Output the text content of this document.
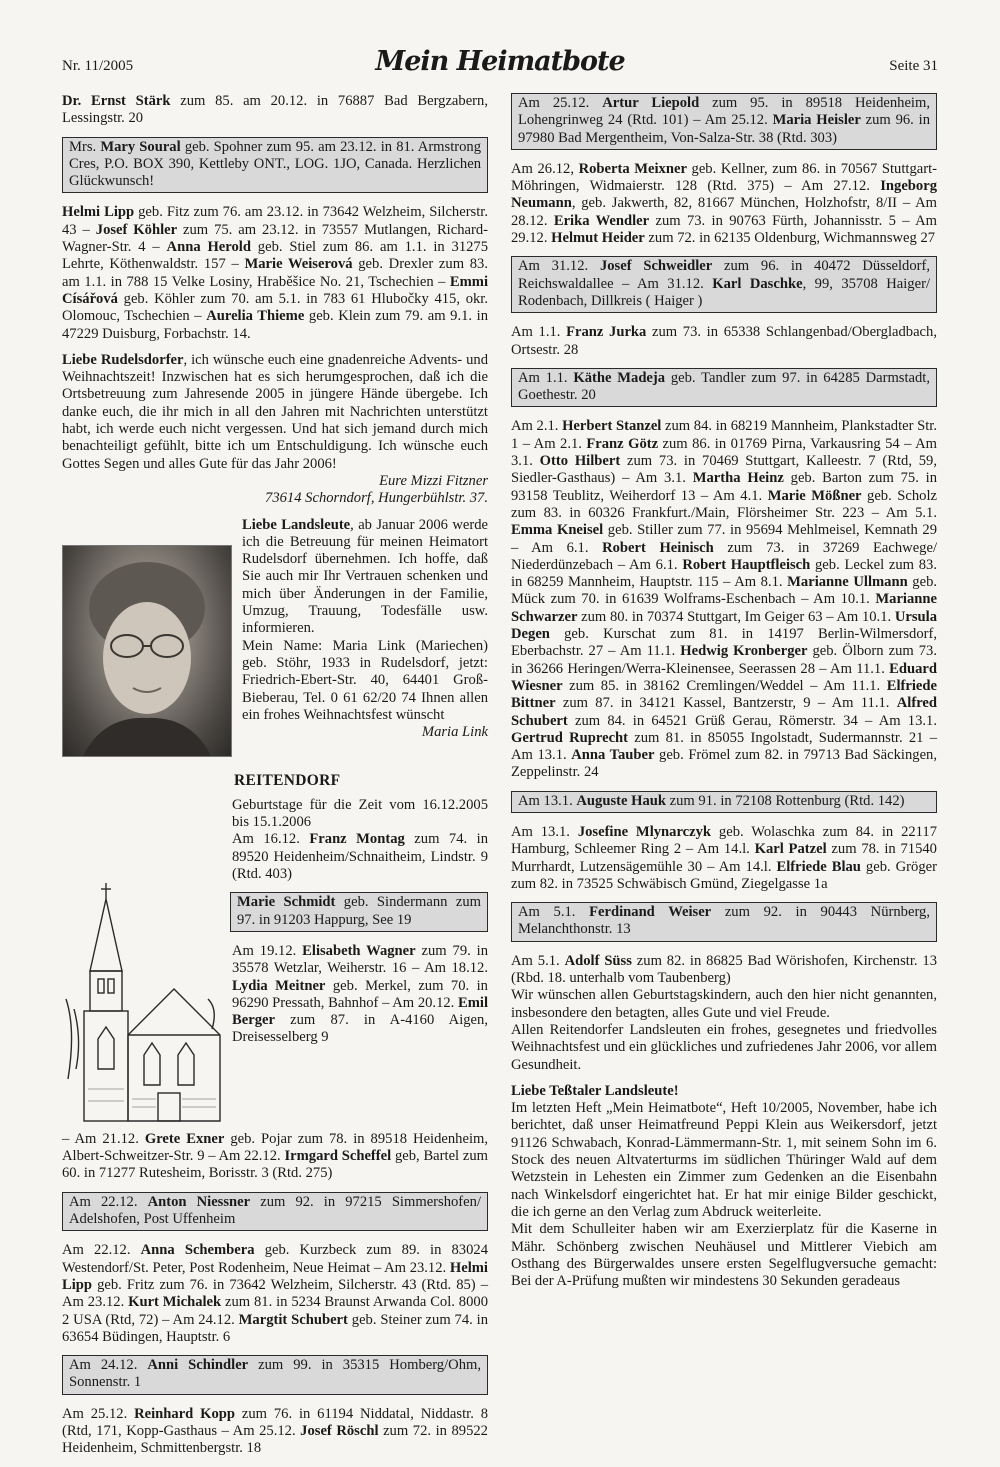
Nr. 11/2005	Mein Heimatbote	Seite 31

Dr. Ernst Stärk zum 85. am 20.12. in 76887 Bad Bergzabern, Lessingstr. 20

Mrs. Mary Soural geb. Spohner zum 95. am 23.12. in 81. Armstrong Cres, P.O. BOX 390, Kettleby ONT., LOG. 1JO, Canada. Herzlichen Glückwunsch!

Helmi Lipp geb. Fitz zum 76. am 23.12. in 73642 Welzheim, Silcherstr. 43 – Josef Köhler zum 75. am 23.12. in 73557 Mutlangen, Richard-Wagner-Str. 4 – Anna Herold geb. Stiel zum 86. am 1.1. in 31275 Lehrte, Köthenwaldstr. 157 – Marie Weiserová geb. Drexler zum 83. am 1.1. in 788 15 Velke Losiny, Hraběšice No. 21, Tschechien – Emmi Císářová geb. Köhler zum 70. am 5.1. in 783 61 Hlubočky 415, okr. Olomouc, Tschechien – Aurelia Thieme geb. Klein zum 79. am 9.1. in 47229 Duisburg, Forbachstr. 14.

Liebe Rudelsdorfer, ich wünsche euch eine gnadenreiche Advents- und Weihnachtszeit! Inzwischen hat es sich herumgesprochen, daß ich die Ortsbetreuung zum Jahresende 2005 in jüngere Hände übergebe. Ich danke euch, die ihr mich in all den Jahren mit Nachrichten unterstützt habt, ich werde euch nicht vergessen. Und hat sich jemand durch mich benachteiligt gefühlt, bitte ich um Entschuldigung. Ich wünsche euch Gottes Segen und alles Gute für das Jahr 2006!

Eure Mizzi Fitzner
73614 Schorndorf, Hungerbühlstr. 37.

Liebe Landsleute, ab Januar 2006 werde ich die Betreuung für meinen Heimatort Rudelsdorf übernehmen. Ich hoffe, daß Sie auch mir Ihr Vertrauen schenken und mich über Änderungen in der Familie, Umzug, Trauung, Todesfälle usw. informieren.

Mein Name: Maria Link (Mariechen) geb. Stöhr, 1933 in Rudelsdorf, jetzt: Friedrich-Ebert-Str. 40, 64401 Groß-Bieberau, Tel. 0 61 62/20 74 Ihnen allen ein frohes Weihnachtsfest wünscht

Maria Link
REITENDORF

Geburtstage für die Zeit vom 16.12.2005 bis 15.1.2006

Am 16.12. Franz Montag zum 74. in 89520 Heidenheim/Schnaitheim, Lindstr. 9 (Rtd. 403)

Marie Schmidt geb. Sindermann zum 97. in 91203 Happurg, See 19

Am 19.12. Elisabeth Wagner zum 79. in 35578 Wetzlar, Weiherstr. 16 – Am 18.12. Lydia Meitner geb. Merkel, zum 70. in 96290 Pressath, Bahnhof – Am 20.12. Emil Berger zum 87. in A-4160 Aigen, Dreisesselberg 9

– Am 21.12. Grete Exner geb. Pojar zum 78. in 89518 Heidenheim, Albert-Schweitzer-Str. 9 – Am 22.12. Irmgard Scheffel geb, Bartel zum 60. in 71277 Rutesheim, Borisstr. 3 (Rtd. 275)

Am 22.12. Anton Niessner zum 92. in 97215 Simmershofen/ Adelshofen, Post Uffenheim

Am 22.12. Anna Schembera geb. Kurzbeck zum 89. in 83024 Westendorf/St. Peter, Post Rodenheim, Neue Heimat – Am 23.12. Helmi Lipp geb. Fritz zum 76. in 73642 Welzheim, Silcherstr. 43 (Rtd. 85) – Am 23.12. Kurt Michalek zum 81. in 5234 Braunst Arwanda Col. 8000 2 USA (Rtd, 72) – Am 24.12. Margtit Schubert geb. Steiner zum 74. in 63654 Büdingen, Hauptstr. 6

Am 24.12. Anni Schindler zum 99. in 35315 Homberg/Ohm, Sonnenstr. 1

Am 25.12. Reinhard Kopp zum 76. in 61194 Niddatal, Niddastr. 8 (Rtd, 171, Kopp-Gasthaus – Am 25.12. Josef Röschl zum 72. in 89522 Heidenheim, Schmittenbergstr. 18

Am 25.12. Artur Liepold zum 95. in 89518 Heidenheim, Lohengrinweg 24 (Rtd. 101) – Am 25.12. Maria Heisler zum 96. in 97980 Bad Mergentheim, Von-Salza-Str. 38 (Rtd. 303)

Am 26.12, Roberta Meixner geb. Kellner, zum 86. in 70567 Stuttgart-Möhringen, Widmaierstr. 128 (Rtd. 375) – Am 27.12. Ingeborg Neumann, geb. Jakwerth, 82, 81667 München, Holzhofstr, 8/II – Am 28.12. Erika Wendler zum 73. in 90763 Fürth, Johannisstr. 5 – Am 29.12. Helmut Heider zum 72. in 62135 Oldenburg, Wichmannsweg 27

Am 31.12. Josef Schweidler zum 96. in 40472 Düsseldorf, Reichswaldallee – Am 31.12. Karl Daschke, 99, 35708 Haiger/ Rodenbach, Dillkreis ( Haiger )

Am 1.1. Franz Jurka zum 73. in 65338 Schlangenbad/Obergladbach, Ortsestr. 28

Am 1.1. Käthe Madeja geb. Tandler zum 97. in 64285 Darmstadt, Goethestr. 20

Am 2.1. Herbert Stanzel zum 84. in 68219 Mannheim, Plankstadter Str. 1 – Am 2.1. Franz Götz zum 86. in 01769 Pirna, Varkausring 54 – Am 3.1. Otto Hilbert zum 73. in 70469 Stuttgart, Kalleestr. 7 (Rtd, 59, Siedler-Gasthaus) – Am 3.1. Martha Heinz geb. Barton zum 75. in 93158 Teublitz, Weiherdorf 13 – Am 4.1. Marie Mößner geb. Scholz zum 83. in 60326 Frankfurt./Main, Flörsheimer Str. 223 – Am 5.1. Emma Kneisel geb. Stiller zum 77. in 95694 Mehlmeisel, Kemnath 29 – Am 6.1. Robert Heinisch zum 73. in 37269 Eachwege/ Niederdünzebach – Am 6.1. Robert Hauptfleisch geb. Leckel zum 83. in 68259 Mannheim, Hauptstr. 115 – Am 8.1. Marianne Ullmann geb. Mück zum 70. in 61639 Wolframs-Eschenbach – Am 10.1. Marianne Schwarzer zum 80. in 70374 Stuttgart, Im Geiger 63 – Am 10.1. Ursula Degen geb. Kurschat zum 81. in 14197 Berlin-Wilmersdorf, Eberbachstr. 27 – Am 11.1. Hedwig Kronberger geb. Ölborn zum 73. in 36266 Heringen/Werra-Kleinensee, Seerassen 28 – Am 11.1. Eduard Wiesner zum 85. in 38162 Cremlingen/Weddel – Am 11.1. Elfriede Bittner zum 87. in 34121 Kassel, Bantzerstr, 9 – Am 11.1. Alfred Schubert zum 84. in 64521 Grüß Gerau, Römerstr. 34 – Am 13.1. Gertrud Ruprecht zum 81. in 85055 Ingolstadt, Sudermannstr. 21 – Am 13.1. Anna Tauber geb. Frömel zum 82. in 79713 Bad Säckingen, Zeppelinstr. 24

Am 13.1. Auguste Hauk zum 91. in 72108 Rottenburg (Rtd. 142)

Am 13.1. Josefine Mlynarczyk geb. Wolaschka zum 84. in 22117 Hamburg, Schleemer Ring 2 – Am 14.l. Karl Patzel zum 78. in 71540 Murrhardt, Lutzensägemühle 30 – Am 14.l. Elfriede Blau geb. Gröger zum 82. in 73525 Schwäbisch Gmünd, Ziegelgasse 1a

Am 5.1. Ferdinand Weiser zum 92. in 90443 Nürnberg, Melanchthonstr. 13

Am 5.1. Adolf Süss zum 82. in 86825 Bad Wörishofen, Kirchenstr. 13 (Rbd. 18. unterhalb vom Taubenberg)

Wir wünschen allen Geburtstagskindern, auch den hier nicht genannten, insbesondere den betagten, alles Gute und viel Freude.

Allen Reitendorfer Landsleuten ein frohes, gesegnetes und friedvolles Weihnachtsfest und ein glückliches und zufriedenes Jahr 2006, vor allem Gesundheit.

Liebe Teßtaler Landsleute!

Im letzten Heft „Mein Heimatbote“, Heft 10/2005, November, habe ich berichtet, daß unser Heimatfreund Peppi Klein aus Weikersdorf, jetzt 91126 Schwabach, Konrad-Lämmermann-Str. 1, mit seinem Sohn im 6. Stock des neuen Altvaterturms im südlichen Thüringer Wald auf dem Wetzstein in Lehesten ein Zimmer zum Gedenken an die Eisenbahn nach Winkelsdorf eingerichtet hat. Er hat mir einige Bilder geschickt, die ich gerne an den Verlag zum Abdruck weiterleite.

Mit dem Schulleiter haben wir am Exerzierplatz für die Kaserne in Mähr. Schönberg zwischen Neuhäusel und Mittlerer Viebich am Osthang des Bürgerwaldes unsere ersten Segelflugversuche gemacht: Bei der A-Prüfung mußten wir mindestens 30 Sekunden geradeaus
